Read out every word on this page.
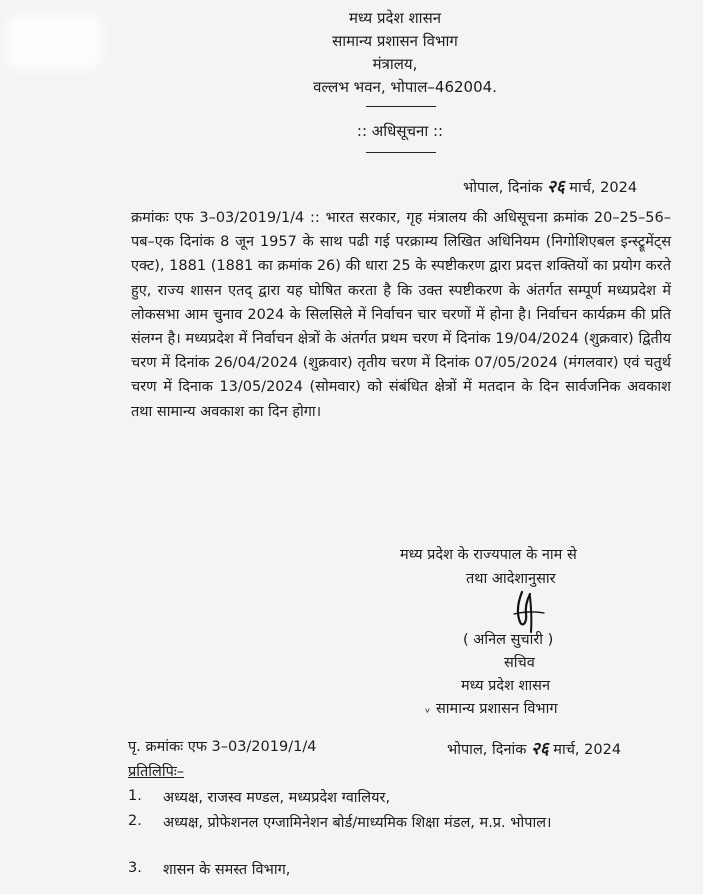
मध्य प्रदेश शासन
सामान्य प्रशासन विभाग
मंत्रालय,
वल्लभ भवन, भोपाल–462004.
:: अधिसूचना ::
भोपाल, दिनांक २६ मार्च, 2024
क्रमांकः एफ 3–03/2019/1/4 :: भारत सरकार, गृह मंत्रालय की अधिसूचना क्रमांक 20–25–56–पब–एक दिनांक 8 जून 1957 के साथ पढी गई परक्राम्य लिखित अधिनियम (निगोशिएबल इन्स्ट्रूमेंट्स एक्ट), 1881 (1881 का क्रमांक 26) की धारा 25 के स्पष्टीकरण द्वारा प्रदत्त शक्तियों का प्रयोग करते हुए, राज्य शासन एतद् द्वारा यह घोषित करता है कि उक्त स्पष्टीकरण के अंतर्गत सम्पूर्ण मध्यप्रदेश में लोकसभा आम चुनाव 2024 के सिलसिले में निर्वाचन चार चरणों में होना है। निर्वाचन कार्यक्रम की प्रति संलग्न है। मध्यप्रदेश में निर्वाचन क्षेत्रों के अंतर्गत प्रथम चरण में दिनांक 19/04/2024 (शुक्रवार) द्वितीय चरण में दिनांक 26/04/2024 (शुक्रवार) तृतीय चरण में दिनांक 07/05/2024 (मंगलवार) एवं चतुर्थ चरण में दिनाक 13/05/2024 (सोमवार) को संबंधित क्षेत्रों में मतदान के दिन सार्वजनिक अवकाश तथा सामान्य अवकाश का दिन होगा।
मध्य प्रदेश के राज्यपाल के नाम से
तथा आदेशानुसार
( अनिल सुचारी )
सचिव
मध्य प्रदेश शासन
सामान्य प्रशासन विभाग
ᵛ
पृ. क्रमांकः एफ 3–03/2019/1/4	भोपाल, दिनांक २६ मार्च, 2024
प्रतिलिपिः–
1. अध्यक्ष, राजस्व मण्डल, मध्यप्रदेश ग्वालियर,
2. अध्यक्ष, प्रोफेशनल एग्जामिनेशन बोर्ड/माध्यमिक शिक्षा मंडल, म.प्र. भोपाल।
3. शासन के समस्त विभाग,
